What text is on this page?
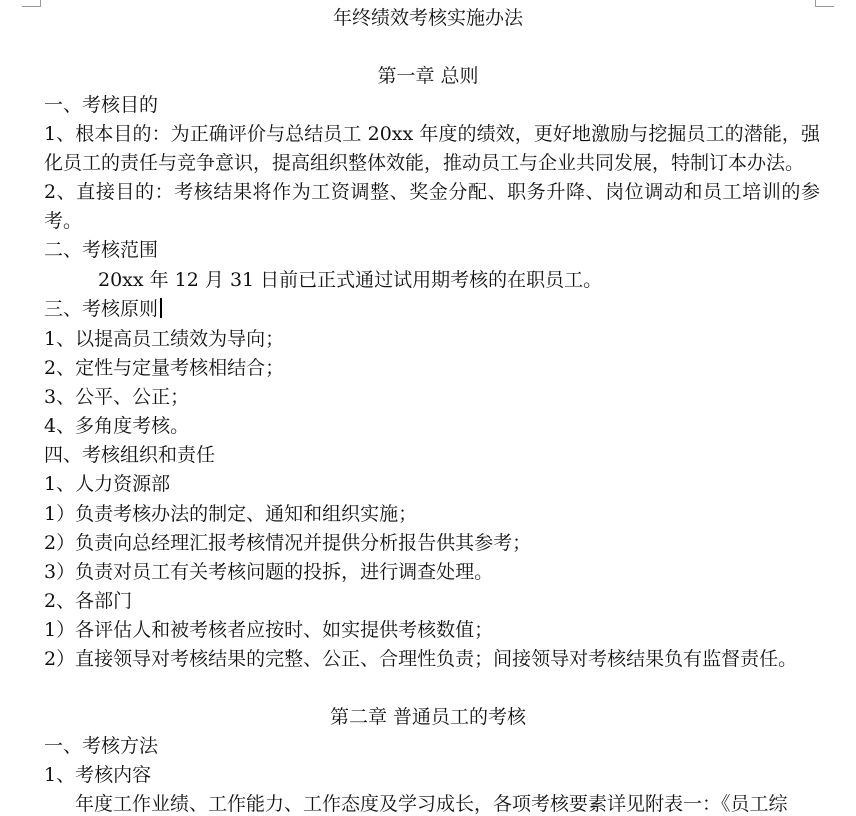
年终绩效考核实施办法
第一章 总则
一、考核目的
1、根本目的：为正确评价与总结员工 20xx 年度的绩效，更好地激励与挖掘员工的潜能，强
化员工的责任与竞争意识，提高组织整体效能，推动员工与企业共同发展，特制订本办法。
2、直接目的：考核结果将作为工资调整、奖金分配、职务升降、岗位调动和员工培训的参
考。
二、考核范围
20xx 年 12 月 31 日前已正式通过试用期考核的在职员工。
三、考核原则
1、以提高员工绩效为导向；
2、定性与定量考核相结合；
3、公平、公正；
4、多角度考核。
四、考核组织和责任
1、人力资源部
1）负责考核办法的制定、通知和组织实施；
2）负责向总经理汇报考核情况并提供分析报告供其参考；
3）负责对员工有关考核问题的投拆，进行调查处理。
2、各部门
1）各评估人和被考核者应按时、如实提供考核数值；
2）直接领导对考核结果的完整、公正、合理性负责；间接领导对考核结果负有监督责任。
第二章 普通员工的考核
一、考核方法
1、考核内容
年度工作业绩、工作能力、工作态度及学习成长，各项考核要素详见附表一：《员工综
